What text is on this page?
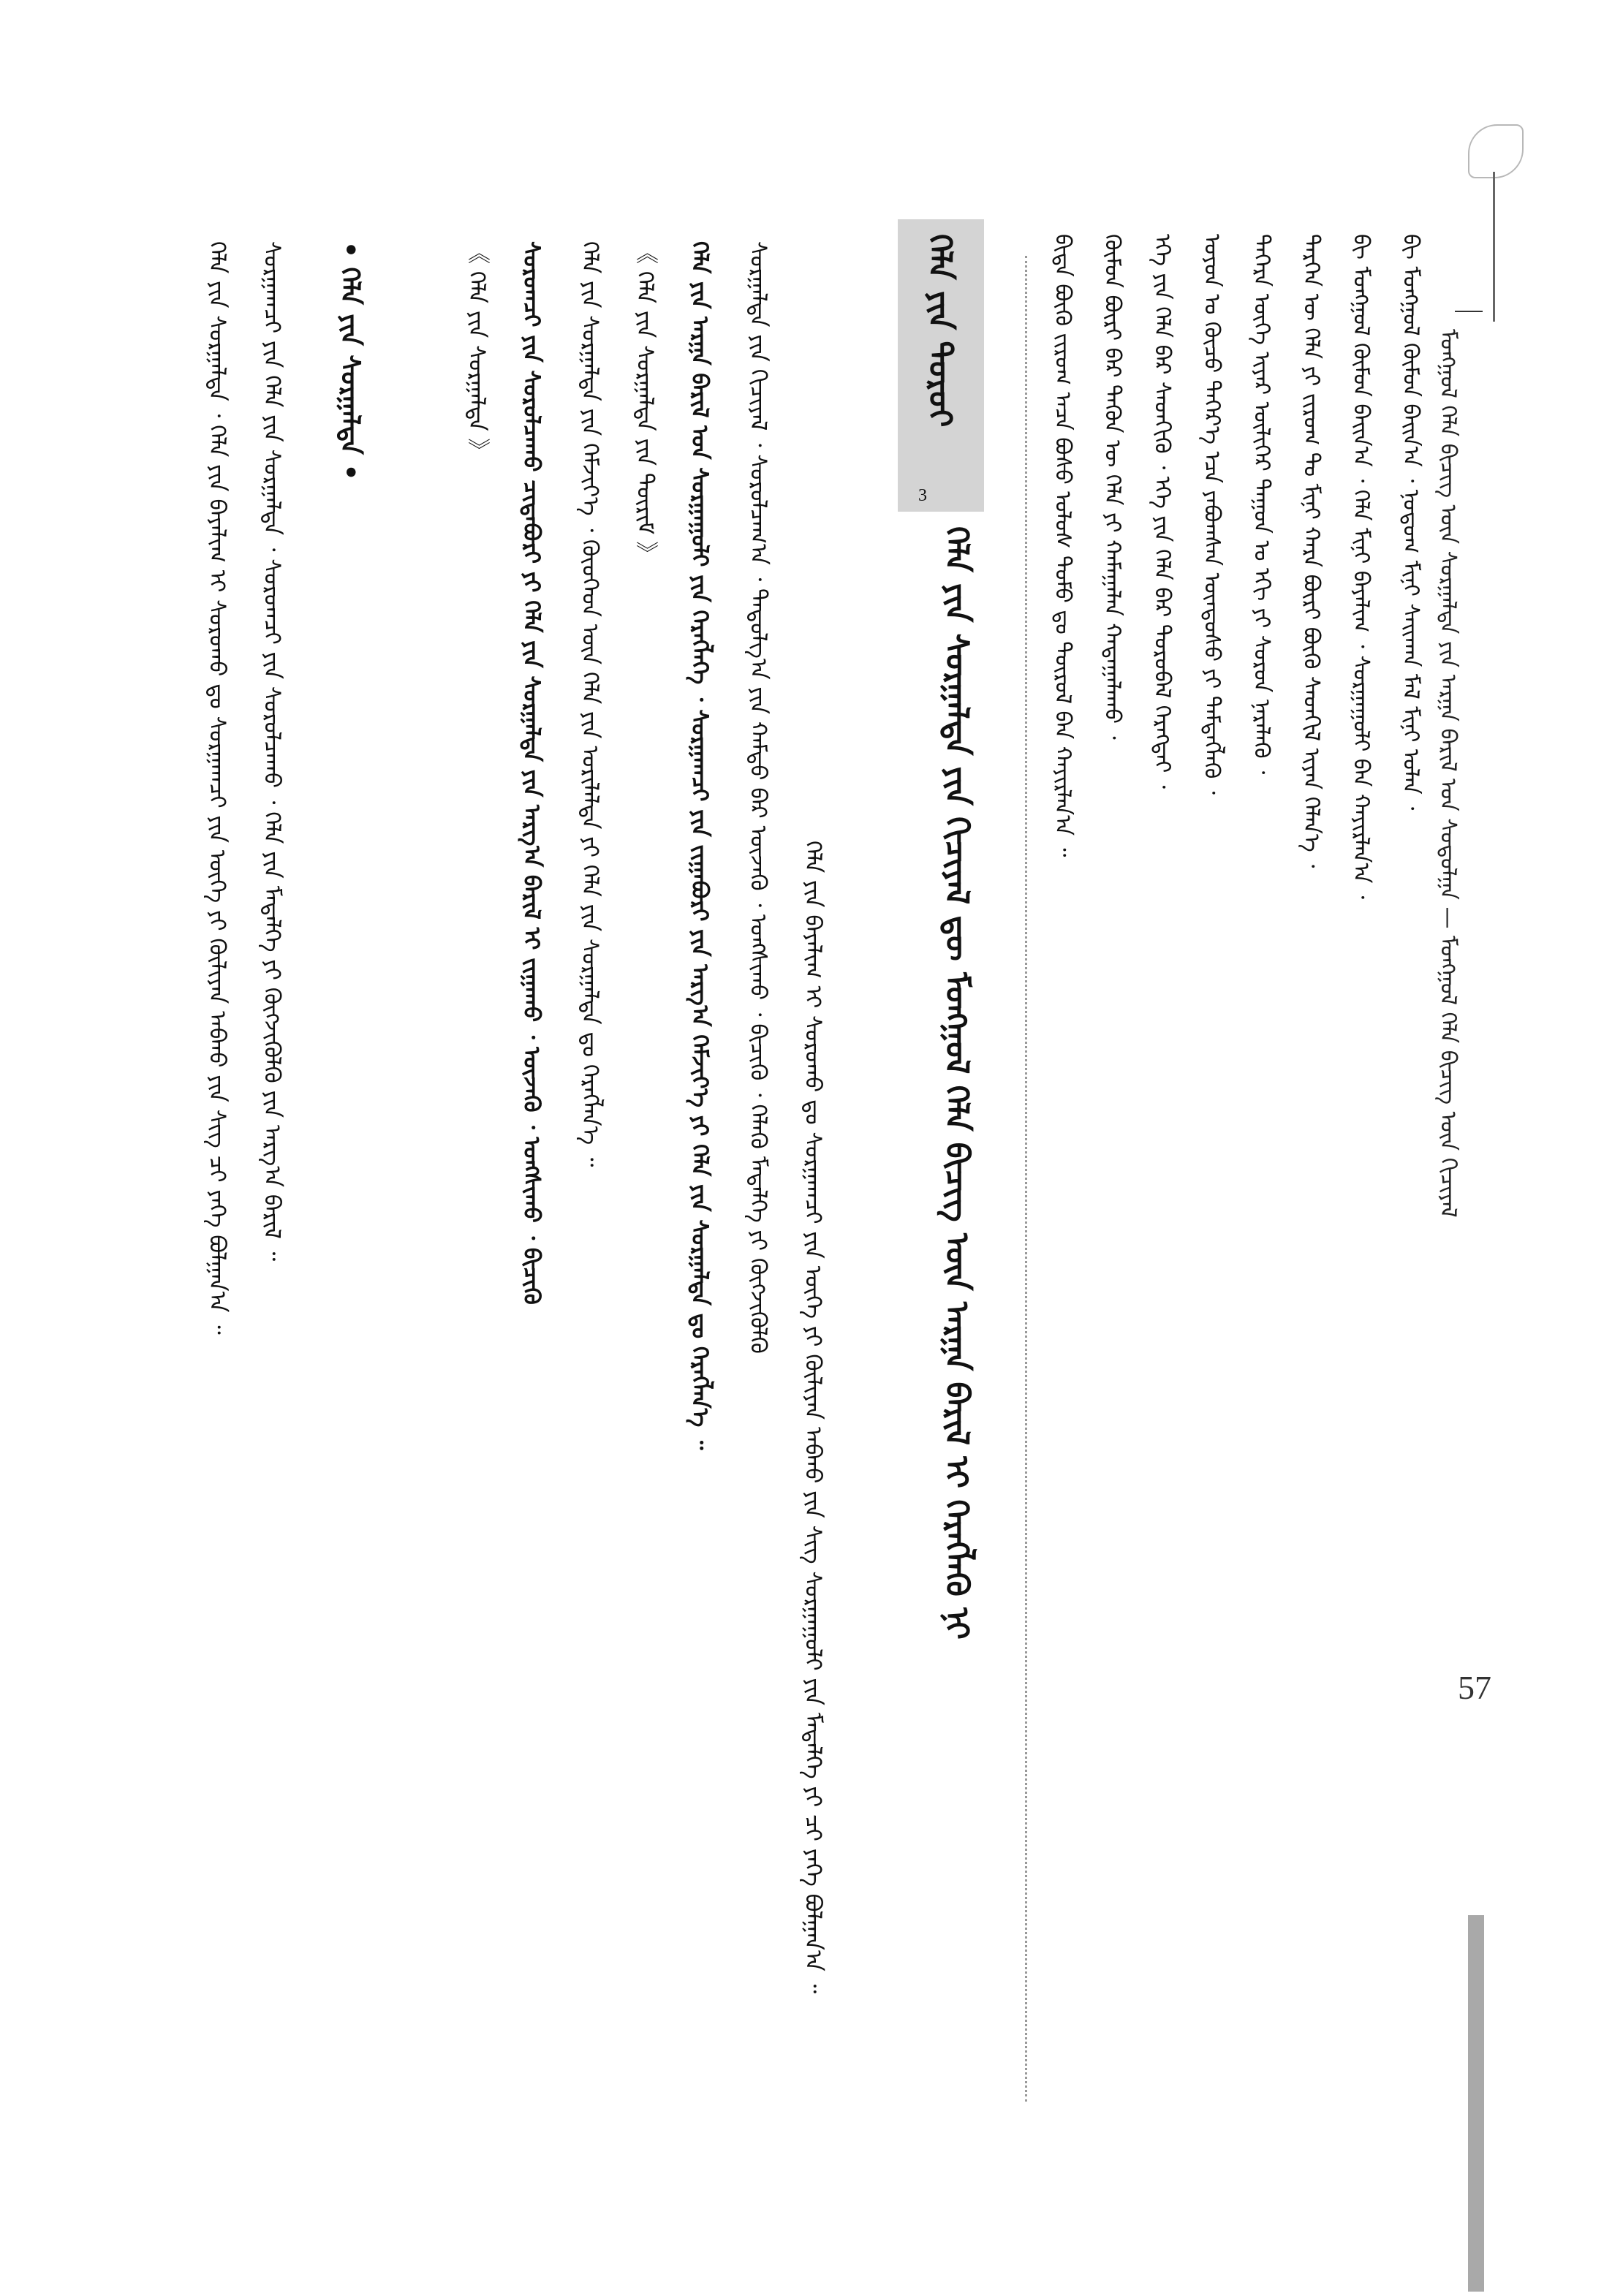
ᠮᠣᠩᠭᠣᠯ ᠬᠡᠯᠡ ᠪᠢᠴᠢᠭ ᠦᠨ ᠰᠤᠷᠭᠠᠯᠲᠠ ᠶᠢᠨ ᠠᠷᠭᠠ ᠪᠠᠷᠢᠯ ᠤᠨ ᠰᠤᠳᠤᠯᠭᠠ — ᠮᠣᠩᠭᠣᠯ ᠬᠡᠯᠡ ᠪᠢᠴᠢᠭ ᠦᠨ ᠬᠢᠴᠢᠶᠡᠯ
ᠪᠢ ᠮᠣᠩᠭᠣᠯ ᠬᠦᠮᠦᠨ ᠪᠠᠢᠨ᠎ᠠ ᠂ ᠨᠤᠲᠤᠭ ᠮᠢᠨᠢ ᠰᠠᠢᠬᠠᠨ ᠮᠠᠯ ᠮᠢᠨᠢ ᠣᠯᠠᠨ ᠂
ᠪᠢ ᠮᠣᠩᠭᠣᠯ ᠬᠦᠮᠦᠨ ᠪᠠᠢᠨ᠎ᠠ ᠂ ᠬᠡᠯᠡ ᠮᠢᠨᠢ ᠪᠠᠶᠠᠯᠢᠭ ᠂ ᠰᠤᠷᠭᠠᠭᠤᠯᠢ ᠪᠠᠨ ᠬᠠᠶᠢᠷᠯᠠᠨ᠎ᠠ ᠂
ᠲᠡᠷᠭᠡᠨ ᠦ ᠬᠡᠯᠡ ᠶᠢ ᠵᠢᠷᠤᠭ ᠲᠤ ᠮᠢᠨᠢ ᠬᠠᠷᠠ ᠪᠦᠷᠢ ᠪᠦᠬᠦ ᠰᠡᠳᠬᠢᠯ ᠢᠶᠡᠨ ᠬᠡᠯᠡᠨ᠎ᠡ ᠂
ᠲᠡᠭᠡᠷᠡ ᠦᠭᠡ ᠢᠶᠡᠷ ᠦᠯᠢᠭᠡᠷ ᠳᠠᠭᠤᠨ ᠤ ᠡᠬᠢ ᠶᠢ ᠰᠤᠷᠤᠨ ᠨᠡᠷᠡᠯᠡᠬᠦ ᠂
ᠣᠶᠤᠨ ᠤ ᠬᠦᠴᠦ ᠳᠡᠭᠡᠷ᠎ᠡ ᠡᠴᠡ ᠶᠠᠪᠤᠭᠰᠠᠨ ᠦᠨᠳᠦᠰᠦ ᠶᠢ ᠲᠡᠮᠳᠡᠭᠯᠡᠬᠦ ᠂
ᠡᠬᠡ ᠶᠢᠨ ᠬᠡᠯᠡ ᠪᠡᠷ ᠰᠡᠳᠬᠢᠬᠦ ᠂ ᠡᠬᠡ ᠶᠢᠨ ᠬᠡᠯᠡ ᠪᠡᠷ ᠲᠤᠷᠤᠪᠠᠯ ᠬᠡᠷᠡᠭᠲᠡᠢ ᠂
ᠬᠦᠮᠦᠨ ᠪᠦᠷᠢ ᠪᠡᠷ ᠲᠡᠭᠦᠨ ᠦ ᠬᠡᠯᠡ ᠶᠢ ᠬᠠᠮᠠᠭᠠᠯᠠᠨ ᠬᠠᠳᠠᠭᠠᠯᠠᠬᠤ ᠂
ᠪᠢᠳᠡ ᠪᠦᠬᠦ ᠵᠢᠷᠤᠭ ᠠᠴᠠ ᠪᠤᠰᠤ ᠤᠯᠤᠰ ᠲᠤᠮᠤ ᠳᠤ ᠲᠦᠷᠦᠯ ᠪᠠᠨ ᠬᠠᠶᠢᠷᠯᠠᠨ᠎ᠠ ᠃
ᠬᠡᠯᠡ ᠶᠢᠨ ᠳᠣᠷᠤᠢ
3
ᠬᠡᠯᠡ ᠶᠢᠨ ᠰᠤᠷᠭᠠᠯᠲᠠ ᠶᠢᠨ ᠬᠢᠴᠢᠶᠡᠯ ᠳᠦ ᠮᠣᠩᠭᠣᠯ ᠬᠡᠯᠡ ᠪᠢᠴᠢᠭ ᠦᠨ ᠠᠷᠭᠠ ᠪᠠᠷᠢᠯ ᠢ ᠬᠡᠷᠡᠭᠯᠡᠬᠦ ᠨᠢ
ᠬᠡᠯᠡ ᠶᠢᠨ ᠪᠠᠶᠠᠯᠢᠭ ᠢ ᠰᠤᠷᠤᠬᠤ ᠳᠤ ᠰᠤᠷᠭᠠᠭᠴᠢ ᠶᠢᠨ ᠦᠬᠡ ᠶᠢ ᠬᠦᠯᠢᠶᠡᠨ ᠠᠪᠬᠤ ᠶᠢᠨ ᠰᠢᠭ ᠰᠤᠷᠭᠠᠭᠤᠯᠢ ᠶᠢᠨ ᠮᠡᠳᠡᠯᠭᠡ ᠶᠢ ᠴᠢ ᠶᠡᠬᠡ ᠪᠤᠯᠭᠠᠨ᠎ᠠ ᠃
ᠰᠤᠷᠭᠠᠯᠲᠠ ᠶᠢᠨ ᠬᠢᠴᠢᠶᠡᠯ ᠂ ᠰᠤᠷᠤᠯᠴᠠᠭ᠎ᠠ ᠂ ᠳᠠᠳᠤᠯᠭ᠎ᠠ ᠶᠢᠨ ᠬᠠᠮᠲᠤ ᠪᠡᠷ ᠦᠵᠡᠬᠦ ᠂ ᠤᠩᠰᠢᠬᠤ ᠂ ᠪᠢᠴᠢᠬᠦ ᠂ ᠬᠡᠯᠡᠬᠦ ᠮᠡᠳᠡᠯᠭᠡ ᠶᠢ ᠬᠦᠭᠵᠢᠭᠦᠯᠬᠦ
ᠬᠡᠯᠡ ᠶᠢᠨ ᠠᠷᠭᠠ ᠪᠠᠷᠢᠯ ᠤᠨ ᠰᠤᠷᠭᠠᠭᠤᠯᠢ ᠶᠢᠨ ᠬᠡᠷᠡᠭᠯᠡᠭᠡ ᠂ ᠰᠤᠷᠭᠠᠭᠴᠢ ᠶᠢᠨ ᠵᠢᠭᠠᠪᠤᠷᠢ ᠶᠢᠨ ᠠᠷᠭ᠎ᠠ ᠬᠡᠮᠵᠢᠶ᠎ᠡ ᠶᠢ ᠬᠡᠯᠡ ᠶᠢᠨ ᠰᠤᠷᠭᠠᠯᠲᠠ ᠳᠤ ᠬᠡᠷᠡᠭᠯᠡᠨ᠎ᠡ ᠃
《 ᠬᠡᠯᠡ ᠶᠢᠨ ᠰᠤᠷᠭᠠᠯᠲᠠ ᠶᠢᠨ ᠳᠦᠷᠢᠮ 》
ᠬᠡᠯᠡ ᠶᠢᠨ ᠰᠤᠷᠭᠠᠯᠲᠠ ᠶᠢᠨ ᠬᠡᠮᠵᠢᠶ᠎ᠡ ᠂ ᠬᠦᠦᠬᠡᠳ ᠦᠨ ᠬᠡᠯᠡ ᠶᠢᠨ ᠤᠷᠢᠯᠠᠯᠲᠠ ᠶᠢ ᠬᠡᠯᠡ ᠶᠢᠨ ᠰᠤᠷᠭᠠᠯᠲᠠ ᠳᠤ ᠬᠡᠷᠡᠭᠯᠡᠨ᠎ᠡ ᠃
ᠰᠤᠷᠤᠭᠴᠢ ᠶᠢᠨ ᠰᠤᠷᠤᠯᠴᠠᠬᠤ ᠴᠢᠳᠠᠪᠤᠷᠢ ᠶᠢ ᠬᠡᠯᠡ ᠶᠢᠨ ᠰᠤᠷᠭᠠᠯᠲᠠ ᠶᠢᠨ ᠠᠷᠭ᠎ᠠ ᠪᠠᠷᠢᠯ ᠢ ᠵᠢᠭᠠᠬᠤ ᠂ ᠦᠵᠡᠬᠦ ᠂ ᠤᠩᠰᠢᠬᠤ ᠂ ᠪᠢᠴᠢᠬᠦ
《 ᠬᠡᠯᠡ ᠶᠢᠨ ᠰᠤᠷᠭᠠᠯᠲᠠ 》
• ᠬᠡᠯᠡ ᠶᠢᠨ ᠰᠤᠷᠭᠠᠯᠲᠠ •
ᠰᠤᠷᠭᠠᠭᠴᠢ ᠶᠢᠨ ᠬᠡᠯᠡ ᠶᠢᠨ ᠰᠤᠷᠭᠠᠯᠲᠠ ᠂ ᠰᠤᠷᠤᠭᠴᠢ ᠶᠢᠨ ᠰᠤᠷᠤᠯᠴᠠᠬᠤ ᠂ ᠬᠡᠯᠡ ᠶᠢᠨ ᠮᠡᠳᠡᠯᠭᠡ ᠶᠢ ᠬᠦᠭᠵᠢᠭᠦᠯᠬᠦ ᠶᠢᠨ ᠠᠷᠭ᠎ᠠ ᠪᠠᠷᠢᠯ ᠃
ᠬᠡᠯᠡ ᠶᠢᠨ ᠰᠤᠷᠭᠠᠯᠲᠠ ᠂ ᠬᠡᠯᠡ ᠶᠢᠨ ᠪᠠᠶᠠᠯᠢᠭ ᠢ ᠰᠤᠷᠤᠬᠤ ᠳᠤ ᠰᠤᠷᠭᠠᠭᠴᠢ ᠶᠢᠨ ᠦᠬᠡ ᠶᠢ ᠬᠦᠯᠢᠶᠡᠨ ᠠᠪᠬᠤ ᠶᠢᠨ ᠰᠢᠭ ᠴᠢ ᠶᠡᠬᠡ ᠪᠤᠯᠭᠠᠨ᠎ᠠ ᠃
57
